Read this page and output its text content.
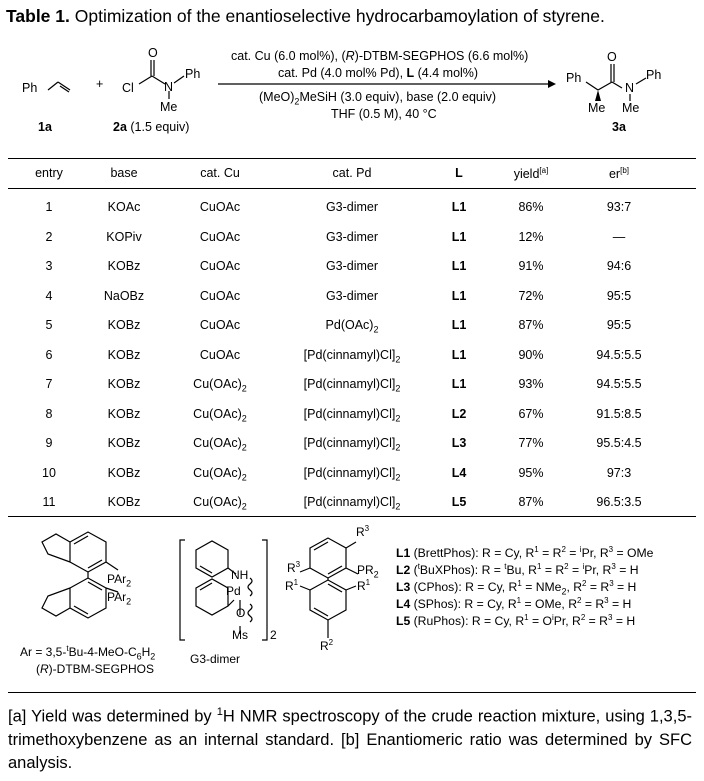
Table 1. Optimization of the enantioselective hydrocarbamoylation of styrene.
Ph	+
1a
O
Cl N
Ph
Me
2a (1.5 equiv)
cat. Cu (6.0 mol%), (R)-DTBM-SEGPHOS (6.6 mol%)
cat. Pd (4.0 mol% Pd), L (4.4 mol%)
$(MeO)_2MeSiH$ (3.0 equiv), base (2.0 equiv)
THF (0.5 M), 40 °C
O
Ph
N
Ph
Me Me
3a
entry	base	cat. Cu	cat. Pd	L	yield[a]	er[b]
1	KOAc	CuOAc	G3-dimer	L1	86%	93:7
2	KOPiv	CuOAc	G3-dimer	L1	12%	—
3	KOBz	CuOAc	G3-dimer	L1	91%	94:6
4	NaOBz	CuOAc	G3-dimer	L1	72%	95:5
5	KOBz	CuOAc	$Pd(OAc)_2$	L1	87%	95:5
6	KOBz	CuOAc	$[Pd(cinnamyl)Cl]_2$	L1	90%	94.5:5.5
7	KOBz	$Cu(OAc)_2$	$[Pd(cinnamyl)Cl]_2$	L1	93%	94.5:5.5
8	KOBz	$Cu(OAc)_2$	$[Pd(cinnamyl)Cl]_2$	L2	67%	91.5:8.5
9	KOBz	$Cu(OAc)_2$	$[Pd(cinnamyl)Cl]_2$	L3	77%	95.5:4.5
10	KOBz	$Cu(OAc)_2$	$[Pd(cinnamyl)Cl]_2$	L4	95%	97:3
11	KOBz	$Cu(OAc)_2$	$[Pd(cinnamyl)Cl]_2$	L5	87%	96.5:3.5
PAr$_2$
PAr$_2$
$Ar = 3,5-^tBu-4-MeO-C_6H_2$
(R)-DTBM-SEGPHOS
NH
Pd
O
Ms 2
G3-dimer
$R^3$
$R^3$	$PR_2$
$R^1$	$R^1$
$R^2$
L1 (BrettPhos): R = Cy, $R^1 = R^2 = ^iPr$, $R^3$ = OMe
L2 ($^t$BuXPhos): R = $^t$Bu, $R^1 = R^2 = ^iPr$, $R^3 = H$
L3 (CPhos): R = Cy, $R^1 = NMe_2$, $R^2 = R^3 = H$
L4 (SPhos): R = Cy, $R^1$ = OMe, $R^2 = R^3 = H$
L5 (RuPhos): R = Cy, $R^1 = O^iPr$, $R^2 = R^3 = H$
[a] Yield was determined by $^1$H NMR spectroscopy of the crude reaction mixture, using 1,3,5-trimethoxybenzene as an internal standard. [b] Enantiomeric ratio was determined by SFC analysis.
